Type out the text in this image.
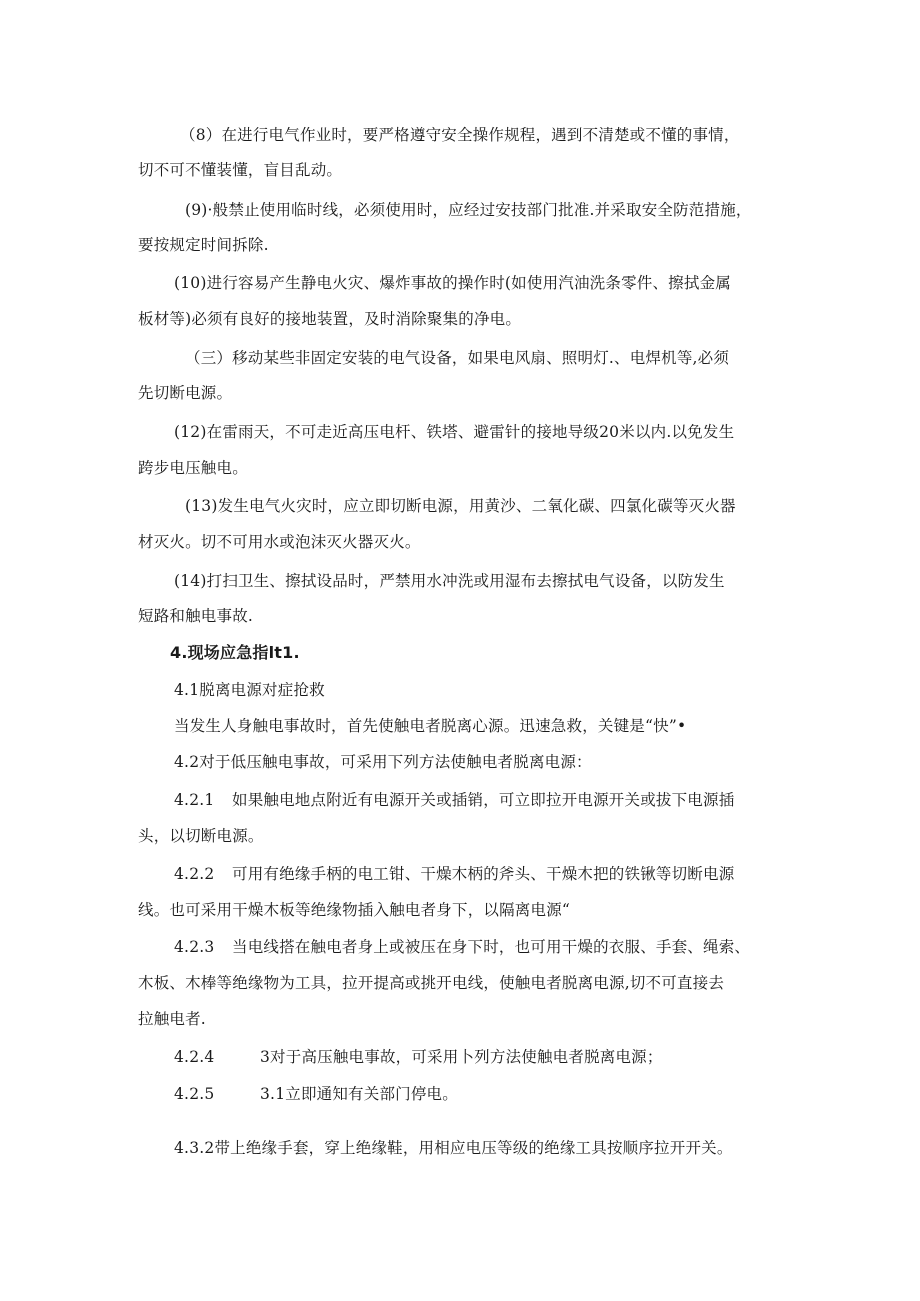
（8）在进行电气作业时，要严格遵守安全操作规程，遇到不清楚或不懂的事情，
切不可不懂装懂，盲目乱动。
(9)·般禁止使用临时线，必须使用时，应经过安技部门批准.并采取安全防范措施，
要按规定时间拆除.
(10)进行容易产生静电火灾、爆炸事故的操作时(如使用汽油洗条零件、擦拭金属
板材等)必须有良好的接地装置，及时消除聚集的净电。
（三）移动某些非固定安装的电气设备，如果电风扇、照明灯.、电焊机等,必须
先切断电源。
(12)在雷雨天，不可走近高压电杆、铁塔、避雷针的接地导级20米以内.以免发生
跨步电压触电。
(13)发生电气火灾时，应立即切断电源，用黄沙、二氧化碳、四氯化碳等灭火器
材灭火。切不可用水或泡沫灭火器灭火。
(14)打扫卫生、擦拭设品时，严禁用水冲洗或用湿布去擦拭电气设备，以防发生
短路和触电事故.
4.现场应急指lt1.
4.1脱离电源对症抢救
当发生人身触电事故时，首先使触电者脱离心源。迅速急救，关键是“快”•
4.2对于低压触电事故，可采用下列方法使触电者脱离电源：
4.2.1 如果触电地点附近有电源开关或插销，可立即拉开电源开关或拔下电源插
头，以切断电源。
4.2.2 可用有绝缘手柄的电工钳、干燥木柄的斧头、干燥木把的铁锹等切断电源
线。也可采用干燥木板等绝缘物插入触电者身下，以隔离电源“
4.2.3 当电线搭在触电者身上或被压在身下时，也可用干燥的衣服、手套、绳索、
木板、木棒等绝缘物为工具，拉开提高或挑开电线，使触电者脱离电源,切不可直接去
拉触电者.
4.2.4	3对于高压触电事故，可采用卜列方法使触电者脱离电源；
4.2.5	3.1立即通知有关部门停电。
4.3.2带上绝缘手套，穿上绝缘鞋，用相应电压等级的绝缘工具按顺序拉开开关。
